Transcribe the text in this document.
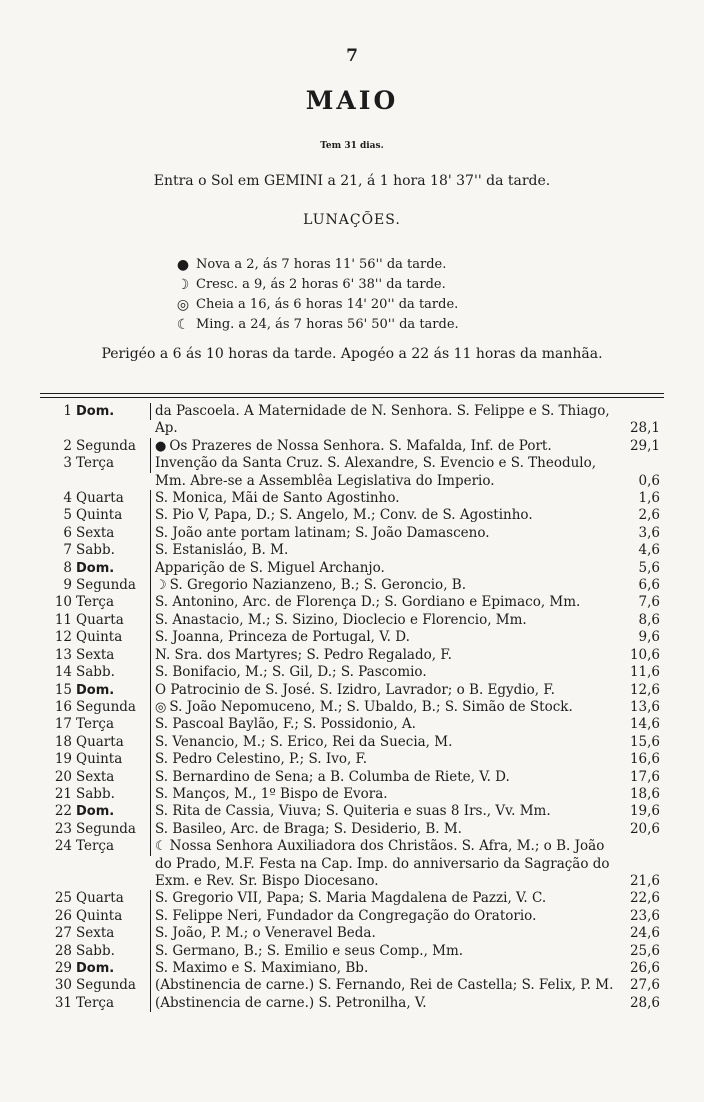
7
MAIO
Tem 31 dias.
Entra o Sol em GEMINI a 21, á 1 hora 18' 37'' da tarde.
LUNAÇÕES.
● Nova a 2, ás 7 horas 11' 56'' da tarde.
☽ Cresc. a 9, ás 2 horas 6' 38'' da tarde.
◎ Cheia a 16, ás 6 horas 14' 20'' da tarde.
☾ Ming. a 24, ás 7 horas 56' 50'' da tarde.
Perigéo a 6 ás 10 horas da tarde. Apogéo a 22 ás 11 horas da manhãa.
1 Dom.	da Pascoela. A Maternidade de N. Senhora. S. Felippe e S. Thiago, Ap.	28,1
2 Segunda	● Os Prazeres de Nossa Senhora. S. Mafalda, Inf. de Port.	29,1
3 Terça	Invenção da Santa Cruz. S. Alexandre, S. Evencio e S. Theodulo, Mm. Abre-se a Assemblêa Legislativa do Imperio.	0,6
4 Quarta	S. Monica, Mãi de Santo Agostinho.	1,6
5 Quinta	S. Pio V, Papa, D.; S. Angelo, M.; Conv. de S. Agostinho.	2,6
6 Sexta	S. João ante portam latinam; S. João Damasceno.	3,6
7 Sabb.	S. Estanisláo, B. M.	4,6
8 Dom.	Apparição de S. Miguel Archanjo.	5,6
9 Segunda	☽ S. Gregorio Nazianzeno, B.; S. Geroncio, B.	6,6
10 Terça	S. Antonino, Arc. de Florença D.; S. Gordiano e Epimaco, Mm.	7,6
11 Quarta	S. Anastacio, M.; S. Sizino, Diocleciо e Florencio, Mm.	8,6
12 Quinta	S. Joanna, Princeza de Portugal, V. D.	9,6
13 Sexta	N. Sra. dos Martyres; S. Pedro Regalado, F.	10,6
14 Sabb.	S. Bonifacio, M.; S. Gil, D.; S. Pascomio.	11,6
15 Dom.	O Patrocinio de S. José. S. Izidro, Lavrador; o B. Egydio, F.	12,6
16 Segunda	◎ S. João Nepomuceno, M.; S. Ubaldo, B.; S. Simão de Stock.	13,6
17 Terça	S. Pascoal Baylão, F.; S. Possidonio, A.	14,6
18 Quarta	S. Venancio, M.; S. Erico, Rei da Suecia, M.	15,6
19 Quinta	S. Pedro Celestino, P.; S. Ivo, F.	16,6
20 Sexta	S. Bernardino de Sena; a B. Columba de Riete, V. D.	17,6
21 Sabb.	S. Manços, M., 1º Bispo de Evora.	18,6
22 Dom.	S. Rita de Cassia, Viuva; S. Quiteria e suas 8 Irs., Vv. Mm.	19,6
23 Segunda	S. Basileo, Arc. de Braga; S. Desiderio, B. M.	20,6
24 Terça	☾ Nossa Senhora Auxiliadora dos Christãos. S. Afra, M.; o B. João do Prado, M.F. Festa na Cap. Imp. do anniversario da Sagração do Exm. e Rev. Sr. Bispo Diocesano.	21,6
25 Quarta	S. Gregorio VII, Papa; S. Maria Magdalena de Pazzi, V. C.	22,6
26 Quinta	S. Felippe Neri, Fundador da Congregação do Oratorio.	23,6
27 Sexta	S. João, P. M.; o Veneravel Beda.	24,6
28 Sabb.	S. Germano, B.; S. Emilio e seus Comp., Mm.	25,6
29 Dom.	S. Maximo e S. Maximiano, Bb.	26,6
30 Segunda	(Abstinencia de carne.) S. Fernando, Rei de Castella; S. Felix, P. M.	27,6
31 Terça	(Abstinencia de carne.) S. Petronilha, V.	28,6
